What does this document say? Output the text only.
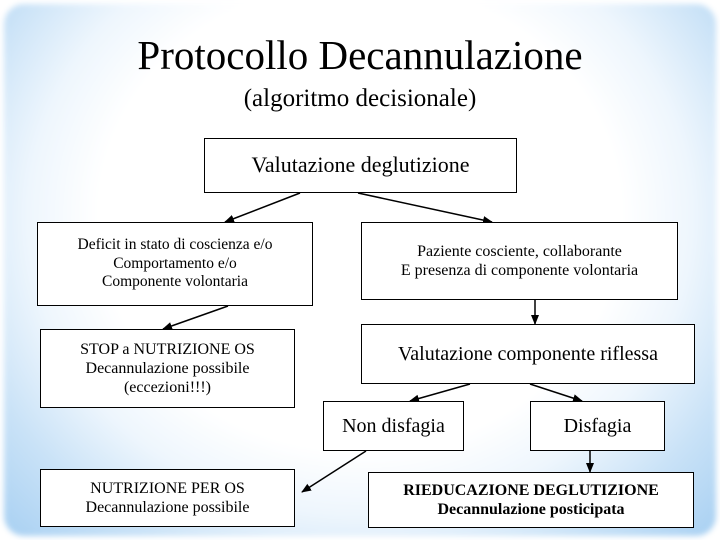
Protocollo Decannulazione
(algoritmo decisionale)
Valutazione deglutizione
Deficit in stato di coscienza e/o
Comportamento e/o
Componente volontaria
Paziente cosciente, collaborante
E presenza di componente volontaria
STOP a NUTRIZIONE OS
Decannulazione possibile
(eccezioni!!!)
Valutazione componente riflessa
Non disfagia	Disfagia
NUTRIZIONE PER OS
Decannulazione possibile
RIEDUCAZIONE DEGLUTIZIONE
Decannulazione posticipata
